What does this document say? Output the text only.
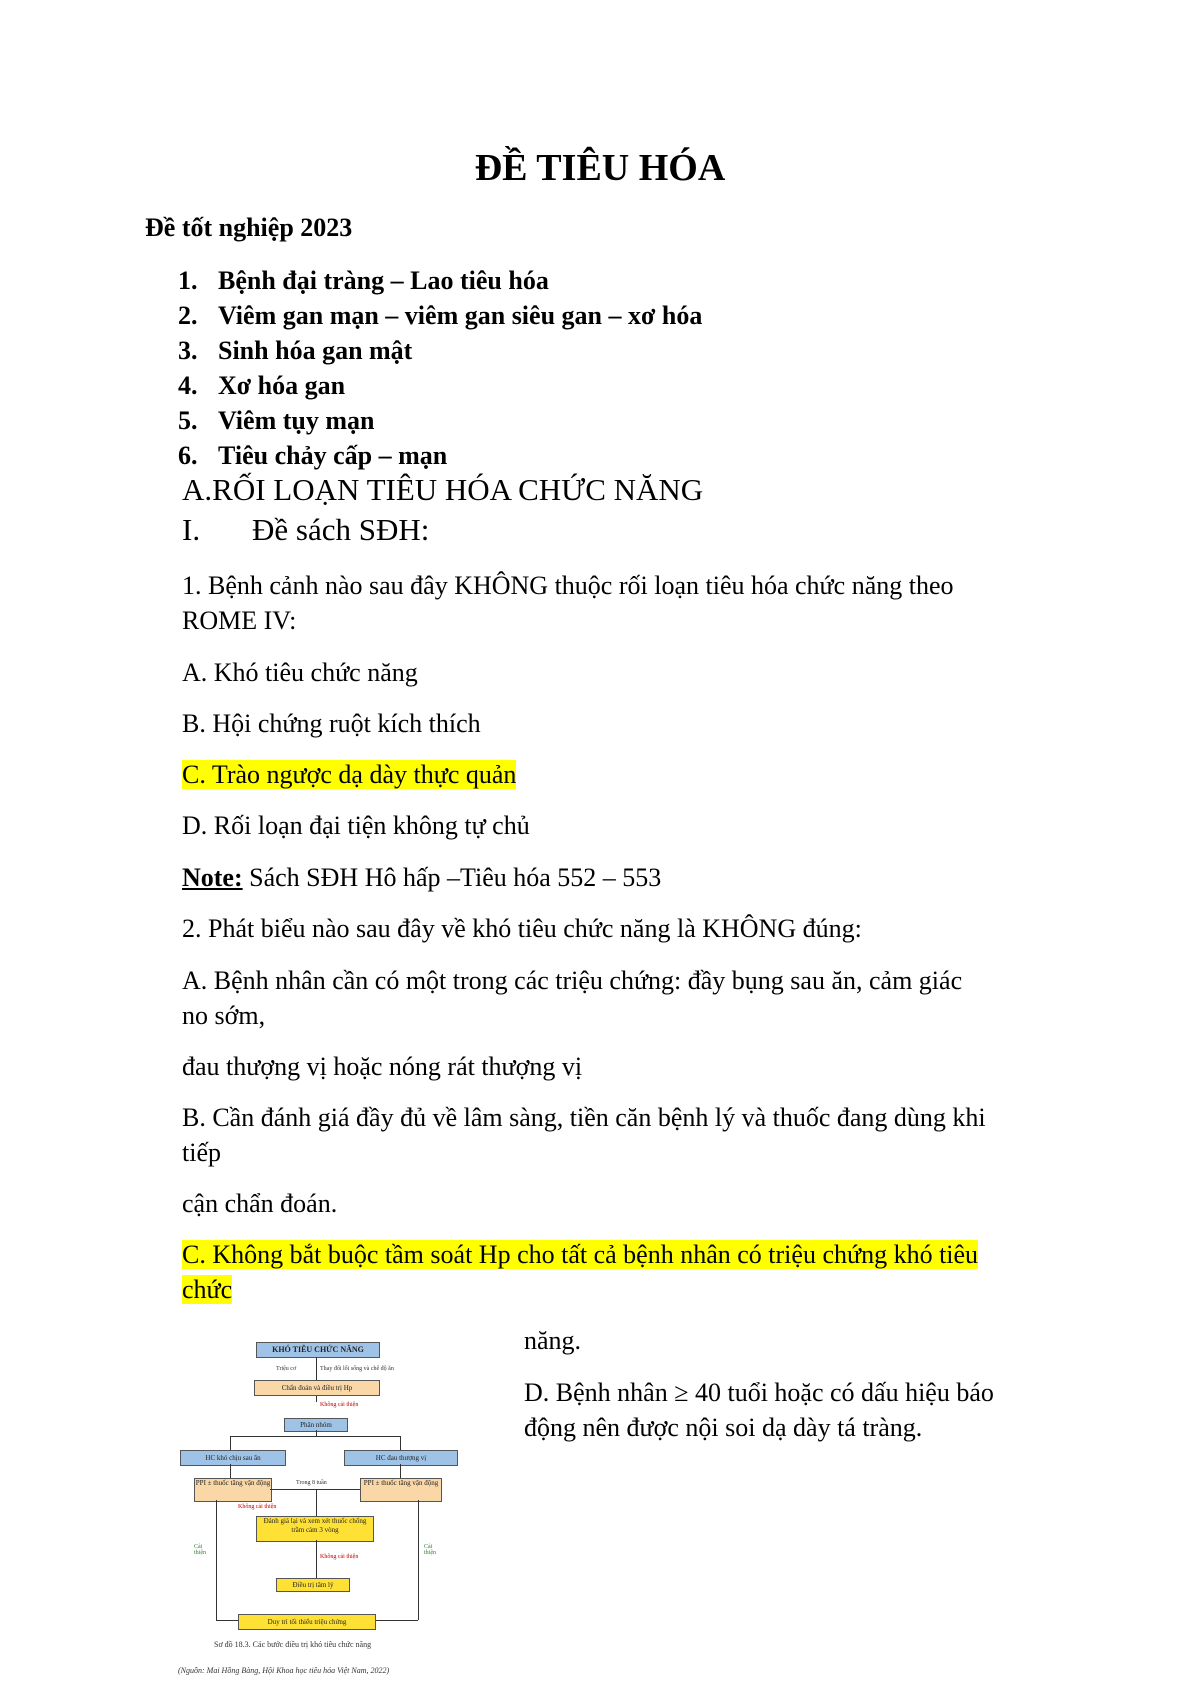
ĐỀ TIÊU HÓA
Đề tốt nghiệp 2023
1. Bệnh đại tràng – Lao tiêu hóa
2. Viêm gan mạn – viêm gan siêu gan – xơ hóa
3. Sinh hóa gan mật
4. Xơ hóa gan
5. Viêm tụy mạn
6. Tiêu chảy cấp – mạn
A.RỐI LOẠN TIÊU HÓA CHỨC NĂNG
I. Đề sách SĐH:
1. Bệnh cảnh nào sau đây KHÔNG thuộc rối loạn tiêu hóa chức năng theo
ROME IV:
A. Khó tiêu chức năng
B. Hội chứng ruột kích thích
C. Trào ngược dạ dày thực quản
D. Rối loạn đại tiện không tự chủ
Note: Sách SĐH Hô hấp –Tiêu hóa 552 – 553
2. Phát biểu nào sau đây về khó tiêu chức năng là KHÔNG đúng:
A. Bệnh nhân cần có một trong các triệu chứng: đầy bụng sau ăn, cảm giác
no sớm,
đau thượng vị hoặc nóng rát thượng vị
B. Cần đánh giá đầy đủ về lâm sàng, tiền căn bệnh lý và thuốc đang dùng khi
tiếp
cận chẩn đoán.
C. Không bắt buộc tầm soát Hp cho tất cả bệnh nhân có triệu chứng khó tiêu
chức
năng.
D. Bệnh nhân ≥ 40 tuổi hoặc có dấu hiệu báo
động nên được nội soi dạ dày tá tràng.
KHÓ TIÊU CHỨC NĂNG
Triệu cơ	Thay đổi lối sống và chế độ ăn
Chẩn đoán và điều trị Hp
Không cải thiện
Phân nhóm
HC khó chịu sau ăn	HC đau thượng vị
PPI ± thuốc tăng vận động	PPI ± thuốc tăng vận động
Trong 8 tuần
Không cải thiện
Đánh giá lại và xem xét thuốc chống trầm cảm 3 vòng
Không cải thiện
Điều trị tâm lý
Cải thiện
Cải thiện
Duy trì tối thiểu triệu chứng
Sơ đồ 18.3. Các bước điều trị khó tiêu chức năng
(Nguồn: Mai Hồng Bàng, Hội Khoa học tiêu hóa Việt Nam, 2022)
